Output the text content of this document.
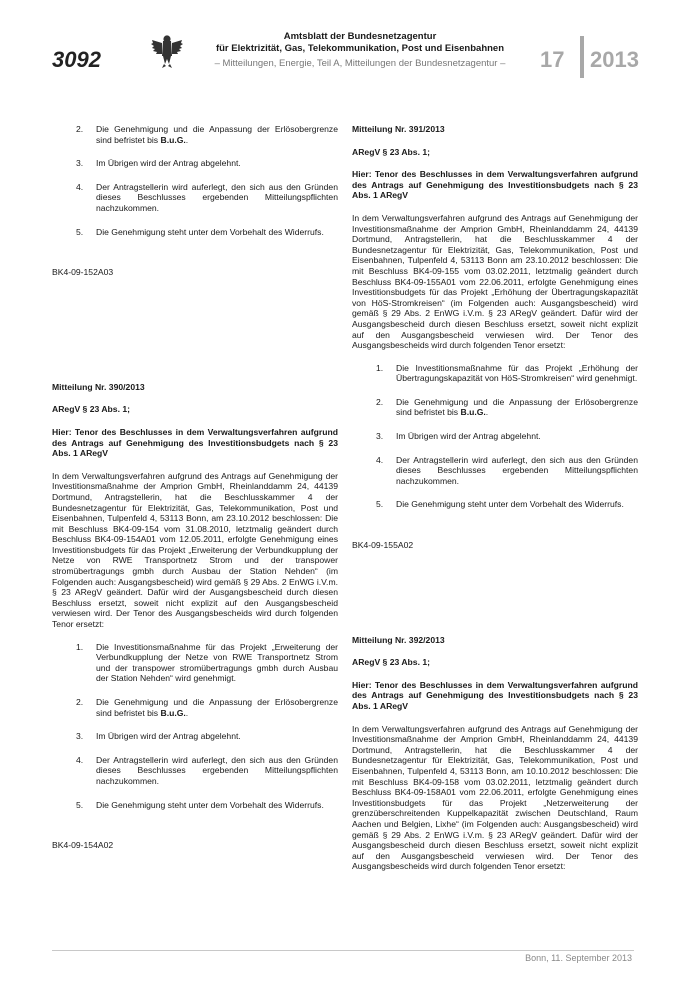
3092
Amtsblatt der Bundesnetzagentur
für Elektrizität, Gas, Telekommunikation, Post und Eisenbahnen
– Mitteilungen, Energie, Teil A, Mitteilungen der Bundesnetzagentur –	17 2013
2. Die Genehmigung und die Anpassung der Erlösobergrenze sind befristet bis B.u.G..
3. Im Übrigen wird der Antrag abgelehnt.
4. Der Antragstellerin wird auferlegt, den sich aus den Gründen dieses Beschlusses ergebenden Mitteilungspflichten nachzukommen.
5. Die Genehmigung steht unter dem Vorbehalt des Widerrufs.

BK4-09-152A03

Mitteilung Nr. 390/2013

ARegV § 23 Abs. 1;

Hier: Tenor des Beschlusses in dem Verwaltungsverfahren aufgrund des Antrags auf Genehmigung des Investitionsbudgets nach § 23 Abs. 1 ARegV

In dem Verwaltungsverfahren aufgrund des Antrags auf Genehmigung der Investitionsmaßnahme der Amprion GmbH, Rheinlanddamm 24, 44139 Dortmund, Antragstellerin, hat die Beschlusskammer 4 der Bundesnetzagentur für Elektrizität, Gas, Telekommunikation, Post und Eisenbahnen, Tulpenfeld 4, 53113 Bonn, am 23.10.2012 beschlossen: Die mit Beschluss BK4-09-154 vom 31.08.2010, letztmalig geändert durch Beschluss BK4-09-154A01 vom 12.05.2011, erfolgte Genehmigung eines Investitionsbudgets für das Projekt „Erweiterung der Verbundkupplung der Netze von RWE Transportnetz Strom und der transpower stromübertragungs gmbh durch Ausbau der Station Nehden“ (im Folgenden auch: Ausgangsbescheid) wird gemäß § 29 Abs. 2 EnWG i.V.m. § 23 ARegV geändert. Dafür wird der Ausgangsbescheid durch diesen Beschluss ersetzt, soweit nicht explizit auf den Ausgangsbescheid verwiesen wird. Der Tenor des Ausgangsbescheids wird durch folgenden Tenor ersetzt:

1. Die Investitionsmaßnahme für das Projekt „Erweiterung der Verbundkupplung der Netze von RWE Transportnetz Strom und der transpower stromübertragungs gmbh durch Ausbau der Station Nehden“ wird genehmigt.
2. Die Genehmigung und die Anpassung der Erlösobergrenze sind befristet bis B.u.G..
3. Im Übrigen wird der Antrag abgelehnt.
4. Der Antragstellerin wird auferlegt, den sich aus den Gründen dieses Beschlusses ergebenden Mitteilungspflichten nachzukommen.
5. Die Genehmigung steht unter dem Vorbehalt des Widerrufs.

BK4-09-154A02

Mitteilung Nr. 391/2013

ARegV § 23 Abs. 1;

Hier: Tenor des Beschlusses in dem Verwaltungsverfahren aufgrund des Antrags auf Genehmigung des Investitionsbudgets nach § 23 Abs. 1 ARegV

In dem Verwaltungsverfahren aufgrund des Antrags auf Genehmigung der Investitionsmaßnahme der Amprion GmbH, Rheinlanddamm 24, 44139 Dortmund, Antragstellerin, hat die Beschlusskammer 4 der Bundesnetzagentur für Elektrizität, Gas, Telekommunikation, Post und Eisenbahnen, Tulpenfeld 4, 53113 Bonn am 23.10.2012 beschlossen: Die mit Beschluss BK4-09-155 vom 03.02.2011, letztmalig geändert durch Beschluss BK4-09-155A01 vom 22.06.2011, erfolgte Genehmigung eines Investitionsbudgets für das Projekt „Erhöhung der Übertragungskapazität von HöS-Stromkreisen“ (im Folgenden auch: Ausgangsbescheid) wird gemäß § 29 Abs. 2 EnWG i.V.m. § 23 ARegV geändert. Dafür wird der Ausgangsbescheid durch diesen Beschluss ersetzt, soweit nicht explizit auf den Ausgangsbescheid verwiesen wird. Der Tenor des Ausgangsbescheids wird durch folgenden Tenor ersetzt:

1. Die Investitionsmaßnahme für das Projekt „Erhöhung der Übertragungskapazität von HöS-Stromkreisen“ wird genehmigt.
2. Die Genehmigung und die Anpassung der Erlösobergrenze sind befristet bis B.u.G..
3. Im Übrigen wird der Antrag abgelehnt.
4. Der Antragstellerin wird auferlegt, den sich aus den Gründen dieses Beschlusses ergebenden Mitteilungspflichten nachzukommen.
5. Die Genehmigung steht unter dem Vorbehalt des Widerrufs.

BK4-09-155A02

Mitteilung Nr. 392/2013

ARegV § 23 Abs. 1;

Hier: Tenor des Beschlusses in dem Verwaltungsverfahren aufgrund des Antrags auf Genehmigung des Investitionsbudgets nach § 23 Abs. 1 ARegV

In dem Verwaltungsverfahren aufgrund des Antrags auf Genehmigung der Investitionsmaßnahme der Amprion GmbH, Rheinlanddamm 24, 44139 Dortmund, Antragstellerin, hat die Beschlusskammer 4 der Bundesnetzagentur für Elektrizität, Gas, Telekommunikation, Post und Eisenbahnen, Tulpenfeld 4, 53113 Bonn, am 10.10.2012 beschlossen: Die mit Beschluss BK4-09-158 vom 03.02.2011, letztmalig geändert durch Beschluss BK4-09-158A01 vom 22.06.2011, erfolgte Genehmigung eines Investitionsbudgets für das Projekt „Netzerweiterung der grenzüberschreitenden Kuppelkapazität zwischen Deutschland, Raum Aachen und Belgien, Lixhe“ (im Folgenden auch: Ausgangsbescheid) wird gemäß § 29 Abs. 2 EnWG i.V.m. § 23 ARegV geändert. Dafür wird der Ausgangsbescheid durch diesen Beschluss ersetzt, soweit nicht explizit auf den Ausgangsbescheid verwiesen wird. Der Tenor des Ausgangsbescheids wird durch folgenden Tenor ersetzt:

Bonn, 11. September 2013
